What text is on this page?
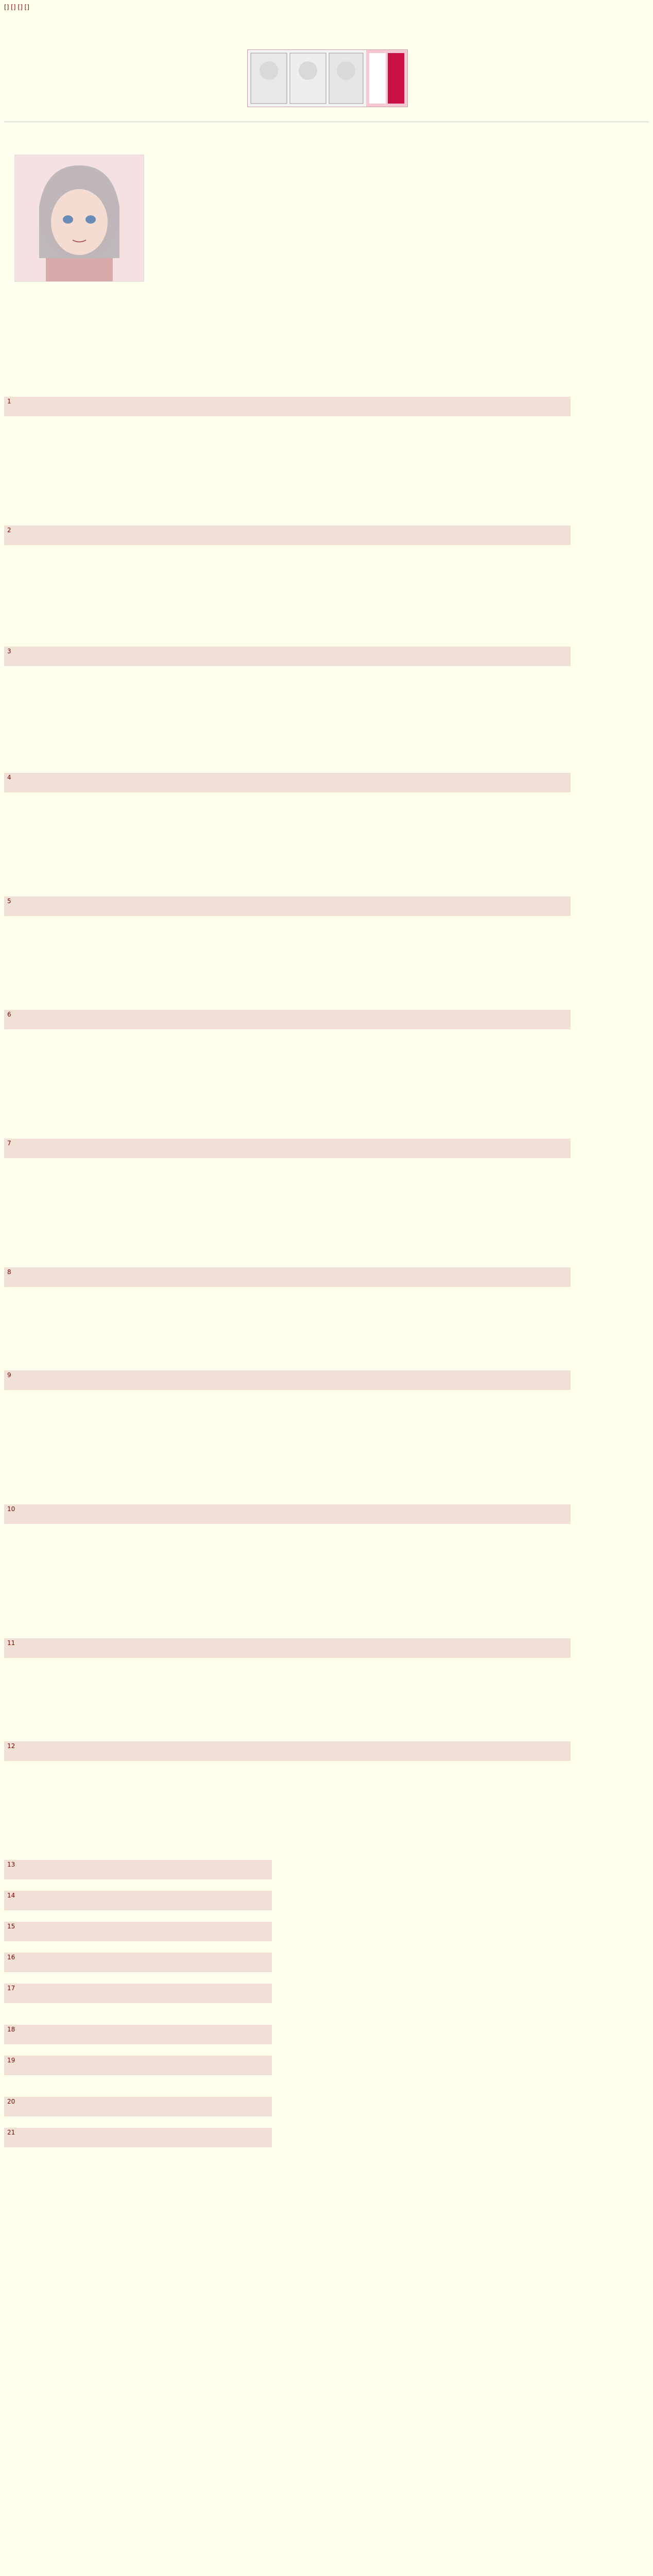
[] [] [] []

1

2

3

4

5

6

7

8

9

10

11

12

13

14

15

16

17

18

19

20

21
